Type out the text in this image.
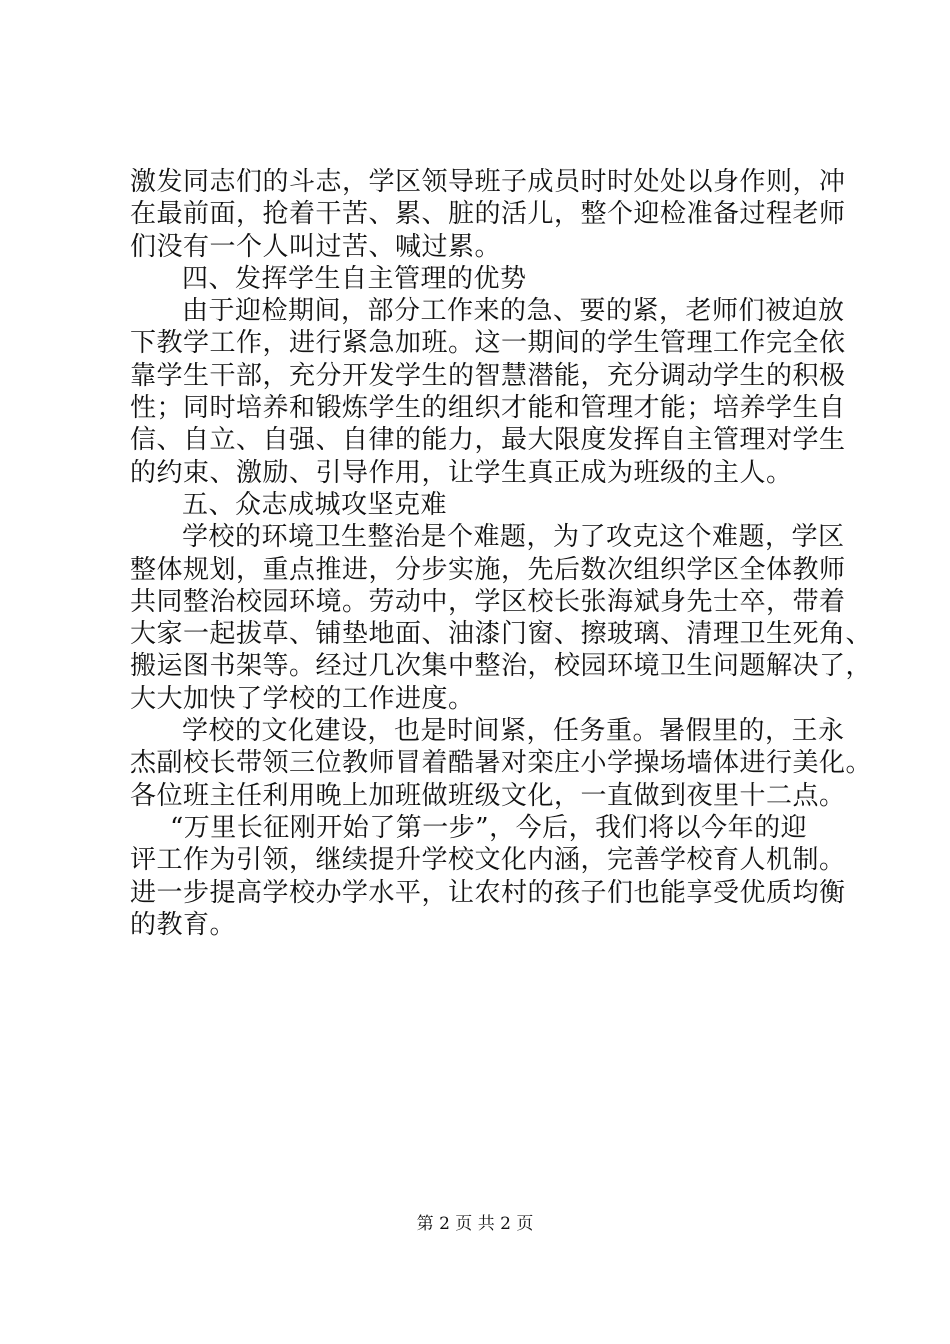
激发同志们的斗志，学区领导班子成员时时处处以身作则，冲
在最前面，抢着干苦、累、脏的活儿，整个迎检准备过程老师
们没有一个人叫过苦、喊过累。
四、发挥学生自主管理的优势
由于迎检期间，部分工作来的急、要的紧，老师们被迫放
下教学工作，进行紧急加班。这一期间的学生管理工作完全依
靠学生干部，充分开发学生的智慧潜能，充分调动学生的积极
性；同时培养和锻炼学生的组织才能和管理才能；培养学生自
信、自立、自强、自律的能力，最大限度发挥自主管理对学生
的约束、激励、引导作用，让学生真正成为班级的主人。
五、众志成城攻坚克难
学校的环境卫生整治是个难题，为了攻克这个难题，学区
整体规划，重点推进，分步实施，先后数次组织学区全体教师
共同整治校园环境。劳动中，学区校长张海斌身先士卒，带着
大家一起拔草、铺垫地面、油漆门窗、擦玻璃、清理卫生死角、
搬运图书架等。经过几次集中整治，校园环境卫生问题解决了，
大大加快了学校的工作进度。
学校的文化建设，也是时间紧，任务重。暑假里的，王永
杰副校长带领三位教师冒着酷暑对栾庄小学操场墙体进行美化。
各位班主任利用晚上加班做班级文化，一直做到夜里十二点。
“万里长征刚开始了第一步”，今后，我们将以今年的迎
评工作为引领，继续提升学校文化内涵，完善学校育人机制。
进一步提高学校办学水平，让农村的孩子们也能享受优质均衡
的教育。
第 2 页 共 2 页
